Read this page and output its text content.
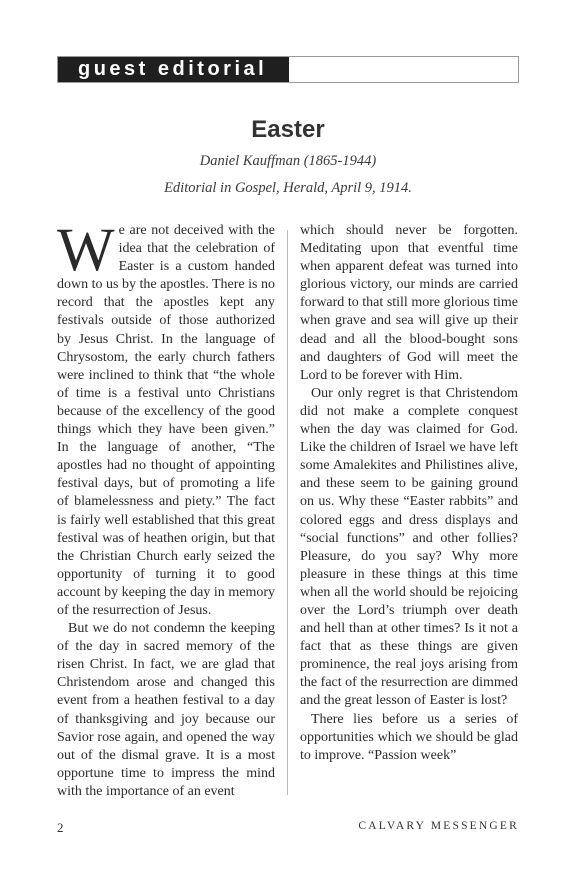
guest editorial
Easter
Daniel Kauffman (1865-1944)
Editorial in Gospel, Herald, April 9, 1914.

We are not deceived with the idea that the celebration of Easter is a custom handed down to us by the apostles. There is no record that the apostles kept any festivals outside of those authorized by Jesus Christ. In the language of Chrysostom, the early church fathers were inclined to think that “the whole of time is a festival unto Christians because of the excellency of the good things which they have been given.” In the language of another, “The apostles had no thought of appointing festival days, but of promoting a life of blamelessness and piety.” The fact is fairly well established that this great festival was of heathen origin, but that the Christian Church early seized the opportunity of turning it to good account by keeping the day in memory of the resurrection of Jesus.

But we do not condemn the keeping of the day in sacred memory of the risen Christ. In fact, we are glad that Christendom arose and changed this event from a heathen festival to a day of thanksgiving and joy because our Savior rose again, and opened the way out of the dismal grave. It is a most opportune time to impress the mind with the importance of an event

which should never be forgotten. Meditating upon that eventful time when apparent defeat was turned into glorious victory, our minds are carried forward to that still more glorious time when grave and sea will give up their dead and all the blood-bought sons and daughters of God will meet the Lord to be forever with Him.

Our only regret is that Christendom did not make a complete conquest when the day was claimed for God. Like the children of Israel we have left some Amalekites and Philistines alive, and these seem to be gaining ground on us. Why these “Easter rabbits” and colored eggs and dress displays and “social functions” and other follies? Pleasure, do you say? Why more pleasure in these things at this time when all the world should be rejoicing over the Lord’s triumph over death and hell than at other times? Is it not a fact that as these things are given prominence, the real joys arising from the fact of the resurrection are dimmed and the great lesson of Easter is lost?

There lies before us a series of opportunities which we should be glad to improve. “Passion week”

2	CALVARY MESSENGER
